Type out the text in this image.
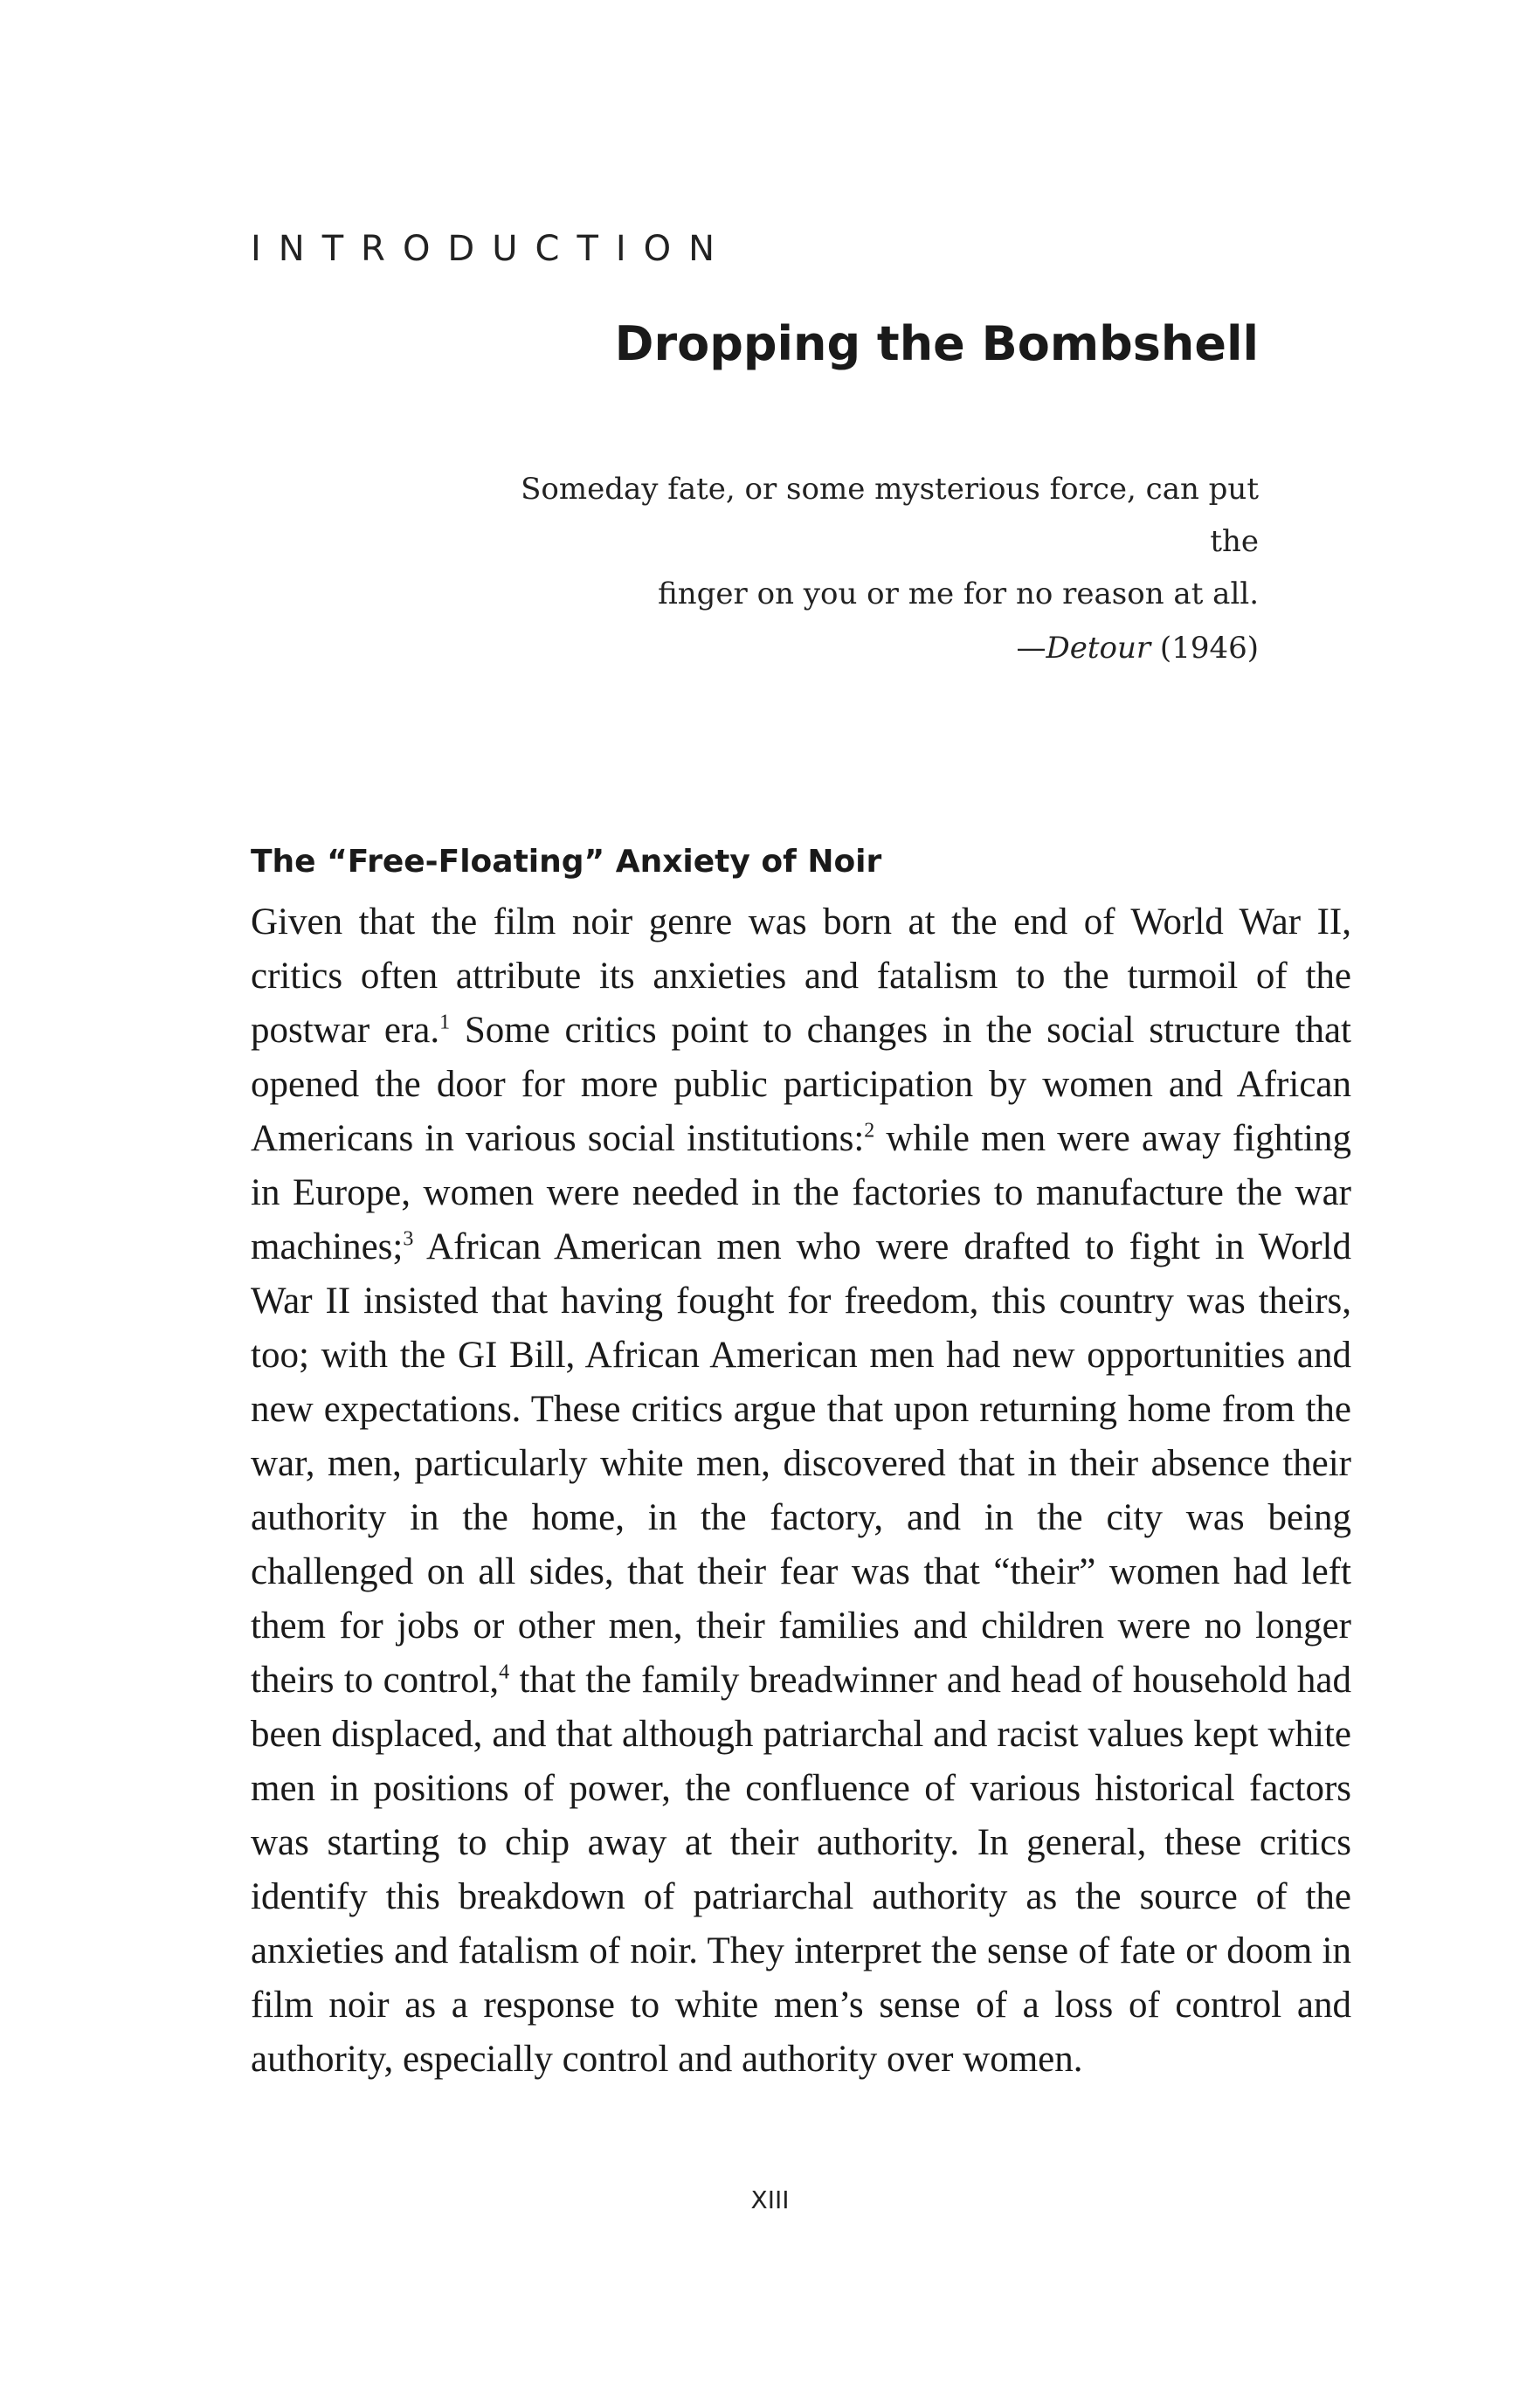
INTRODUCTION
Dropping the Bombshell

Someday fate, or some mysterious force, can put the

finger on you or me for no reason at all.

—Detour (1946)

The “Free-Floating” Anxiety of Noir

Given that the film noir genre was born at the end of World War II, critics often attribute its anxieties and fatalism to the turmoil of the postwar era.$^1$ Some critics point to changes in the social structure that opened the door for more public participation by women and African Americans in various social institutions:$^2$ while men were away fighting in Europe, women were needed in the factories to manufacture the war machines;$^3$ African American men who were drafted to fight in World War II insisted that having fought for freedom, this country was theirs, too; with the GI Bill, African American men had new opportunities and new expectations. These critics argue that upon returning home from the war, men, particularly white men, discovered that in their absence their authority in the home, in the factory, and in the city was being challenged on all sides, that their fear was that “their” women had left them for jobs or other men, their families and children were no longer theirs to control,$^4$ that the family breadwinner and head of household had been displaced, and that although patriarchal and racist values kept white men in positions of power, the confluence of various historical factors was starting to chip away at their authority. In general, these critics identify this breakdown of patriarchal authority as the source of the anxieties and fatalism of noir. They interpret the sense of fate or doom in film noir as a response to white men’s sense of a loss of control and authority, especially control and authority over women.

XIII
